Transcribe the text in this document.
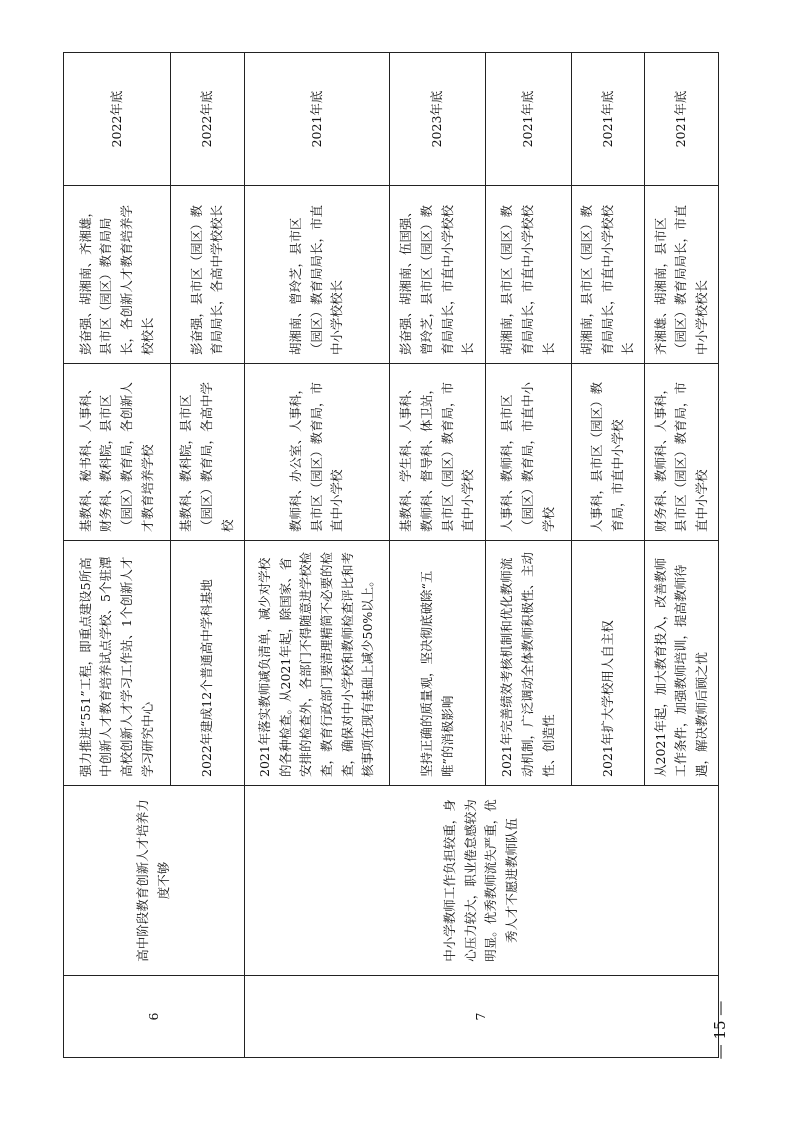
6	高中阶段教育创新人才培养力度不够	强力推进“551”工程，即重点建设5所高中创新人才教育培养试点学校、5个驻潭高校创新人才学习工作站、1个创新人才学习研究中心	基教科、秘书科、人事科、财务科、教科院，县市区（园区）教育局，各创新人才教育培养学校	彭奋强、胡湘南、齐湘雄，县市区（园区）教育局局长，各创新人才教育培养学校校长	2022年底
		2022年建成12个普通高中学科基地	基教科、教科院，县市区（园区）教育局，各高中学校	彭奋强，县市区（园区）教育局局长，各高中学校校长	2022年底
7	中小学教师工作负担较重，身心压力较大，职业倦怠感较为明显。优秀教师流失严重，优秀人才不愿进教师队伍	2021年落实教师减负清单，减少对学校的各种检查。从2021年起，除国家、省安排的检查外，各部门不得随意进学校检查，教育行政部门要清理精简不必要的检查，确保对中小学校和教师检查评比和考核事项在现有基础上减少50%以上。	教师科、办公室、人事科，县市区（园区）教育局，市直中小学校	胡湘南、曾玲芝，县市区（园区）教育局局长，市直中小学校校长	2021年底
		坚持正确的质量观，坚决彻底破除“五唯”的消极影响	基教科、学生科、人事科、教师科、督导科、体卫站，县市区（园区）教育局，市直中小学校	彭奋强、胡湘南、伍国强、曾玲芝，县市区（园区）教育局局长，市直中小学校校长	2023年底
		2021年完善绩效考核机制和优化教师流动机制，广泛调动全体教师积极性、主动性、创造性	人事科、教师科，县市区（园区）教育局，市直中小学校	胡湘南，县市区（园区）教育局局长，市直中小学校校长	2021年底
		2021年扩大学校用人自主权	人事科，县市区（园区）教育局，市直中小学校	胡湘南，县市区（园区）教育局局长，市直中小学校校长	2021年底
		从2021年起，加大教育投入，改善教师工作条件，加强教师培训，提高教师待遇，解决教师后顾之忧	财务科、教师科、人事科，县市区（园区）教育局，市直中小学校	齐湘雄、胡湘南，县市区（园区）教育局局长，市直中小学校校长	2021年底
— 15 —
